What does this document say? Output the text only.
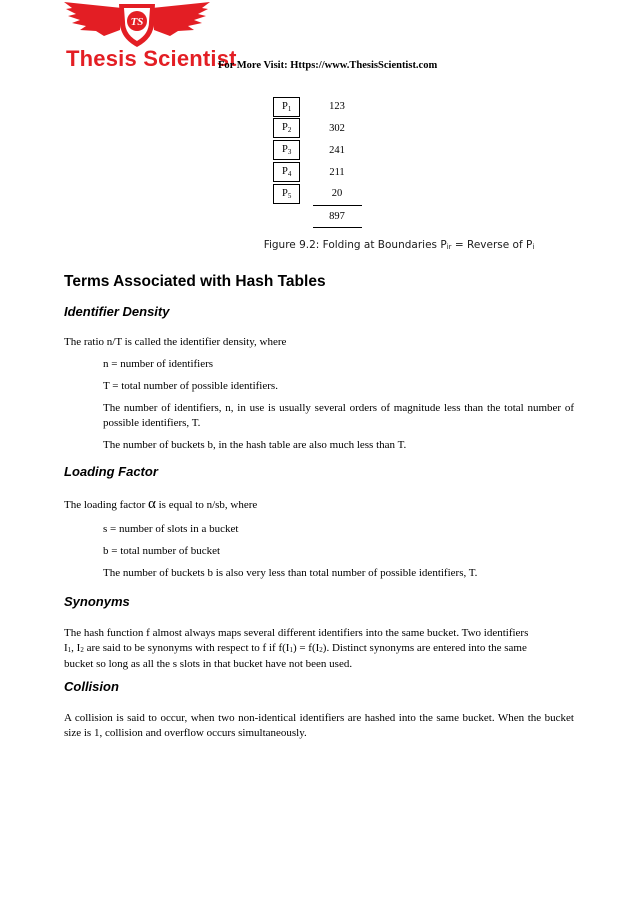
TS
Thesis Scientist
For More Visit: Https://www.ThesisScientist.com
$P_1$
$P_2$
$P_3$
$P_4$
$P_5$
123
302
241
211
20
897
Figure 9.2: Folding at Boundaries $P_{ir}$ = Reverse of $P_i$
Terms Associated with Hash Tables
Identifier Density
The ratio n/T is called the identifier density, where
n = number of identifiers
T = total number of possible identifiers.
The number of identifiers, n, in use is usually several orders of magnitude less than the total number of possible identifiers, T.
The number of buckets b, in the hash table are also much less than T.
Loading Factor
The loading factor α is equal to n/sb, where
s = number of slots in a bucket
b = total number of bucket
The number of buckets b is also very less than total number of possible identifiers, T.
Synonyms
The hash function f almost always maps several different identifiers into the same bucket. Two identifiers
$I_1$, $I_2$ are said to be synonyms with respect to f if $f(I_1) = f(I_2)$. Distinct synonyms are entered into the same
bucket so long as all the s slots in that bucket have not been used.
Collision
A collision is said to occur, when two non-identical identifiers are hashed into the same bucket. When the bucket size is 1, collision and overflow occurs simultaneously.
